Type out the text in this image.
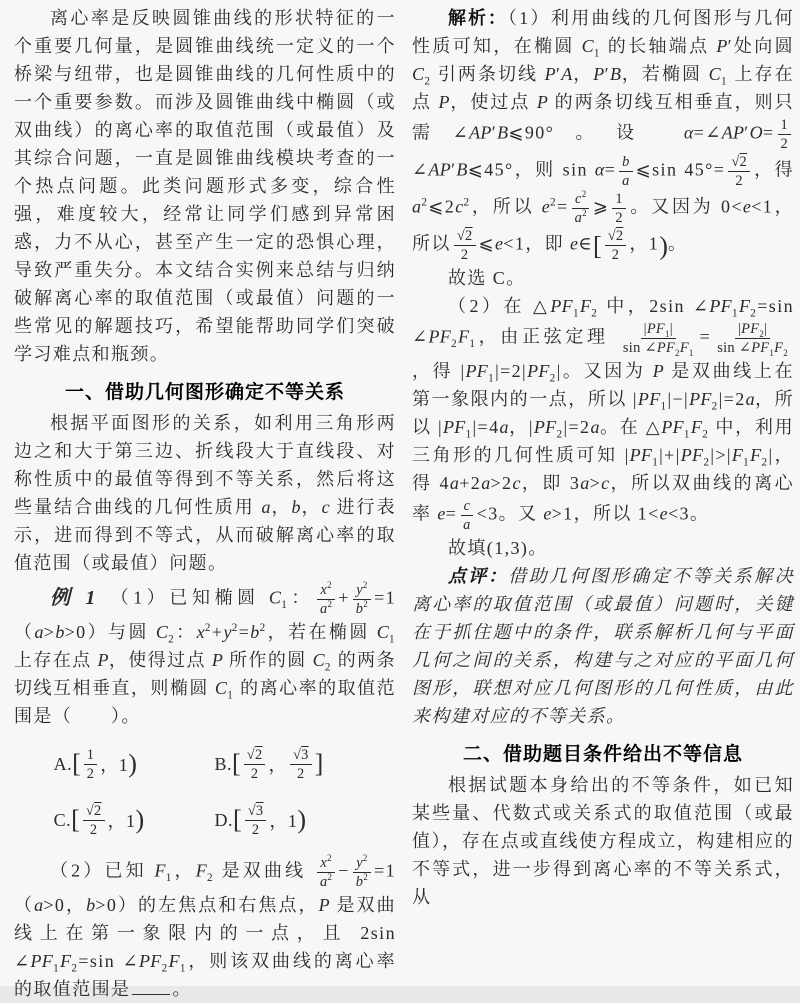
离心率是反映圆锥曲线的形状特征的一个重要几何量，是圆锥曲线统一定义的一个桥梁与纽带，也是圆锥曲线的几何性质中的一个重要参数。而涉及圆锥曲线中椭圆（或双曲线）的离心率的取值范围（或最值）及其综合问题，一直是圆锥曲线模块考查的一个热点问题。此类问题形式多变，综合性强，难度较大，经常让同学们感到异常困惑，力不从心，甚至产生一定的恐惧心理，导致严重失分。本文结合实例来总结与归纳破解离心率的取值范围（或最值）问题的一些常见的解题技巧，希望能帮助同学们突破学习难点和瓶颈。

一、借助几何图形确定不等关系

根据平面图形的关系，如利用三角形两边之和大于第三边、折线段大于直线段、对称性质中的最值等得到不等关系，然后将这些量结合曲线的几何性质用 a，b，c 进行表示，进而得到不等式，从而破解离心率的取值范围（或最值）问题。

例 1 （1）已知椭圆 $C_1$： $\frac{x^2}{a^2} + \frac{y^2}{b^2} =1(a>b>0)$与圆 $C_2$：$x^2+y^2=b^2$，若在椭圆 $C_1$ 上存在点 P，使得过点 P 所作的圆 $C_2$ 的两条切线互相垂直，则椭圆 $C_1$ 的离心率的取值范围是（　　）。

A. [ 1
2 ，1 )	B. [ √2
2 ，
√3
2 ]
C. [ √2
2 ，1 )	D. [ √3
2 ，1 )

（2）已知 $F_1$，$F_2$ 是双曲线 $\frac{x^2}{a^2} - \frac{y^2}{b^2} =1(a>0$，b>0）的左焦点和右焦点，P 是双曲线上在第一象限内的一点，且 2sin $\angle PF_1F_2=\sin$ $\angle PF_2F_1$，则该双曲线的离心率的取值范围是 。

解析：（1）利用曲线的几何图形与几何性质可知，在椭圆 $C_1$ 的长轴端点 P′处向圆 $C_2$ 引两条切线 P′A，P′B，若椭圆 $C_1$ 上存在点 P，使过点 P 的两条切线互相垂直，则只需∠AP′B⩽90°。设 α=∠AP′O= $\frac{1}{2}$
∠AP′B⩽45°，则 $\sin \alpha= \frac{b}{a}$ ⩽sin $45^\circ= \frac{√2}{2}$ ，得 $a^2⩽2c^2$，所以 $e^2= \frac{c^2}{a^2}$ ⩾ $\frac{1}{2}$ 。又因为 0<e<1，所以 $\frac{√2}{2}$ ⩽e<1，即 e∈[ $\frac{√2}{2}$ ，1)。

故选 C。

（2）在 $\triangle PF_1F_2$ 中，2sin $\angle PF_1F_2=\sin$ $\angle PF_2F_1$，由正弦定理 $\frac{|PF_1|}{\sin \angle PF_2F_1} = \frac{|PF_2|}{\sin \angle PF_1F_2}$
，得 $|PF_1|=2|PF_2|$。又因为 P 是双曲线上在第一象限内的一点，所以 $|PF_1|-|PF_2|=2a$，所以 $|PF_1|=4a$，$|PF_2|=2a$。在 $\triangle PF_1F_2$ 中，利用三角形的几何性质可知 $|PF_1|+|PF_2|>|F_1F_2|$，得 4a+2a>2c，即 3a>c，所以双曲线的离心率 $e= \frac{c}{a} <3$。又 e>1，所以 1<e<3。

故填(1,3)。

点评：借助几何图形确定不等关系解决离心率的取值范围（或最值）问题时，关键在于抓住题中的条件，联系解析几何与平面几何之间的关系，构建与之对应的平面几何图形，联想对应几何图形的几何性质，由此来构建对应的不等关系。

二、借助题目条件给出不等信息

根据试题本身给出的不等条件，如已知某些量、代数式或关系式的取值范围（或最值），存在点或直线使方程成立，构建相应的不等式，进一步得到离心率的不等关系式，从
